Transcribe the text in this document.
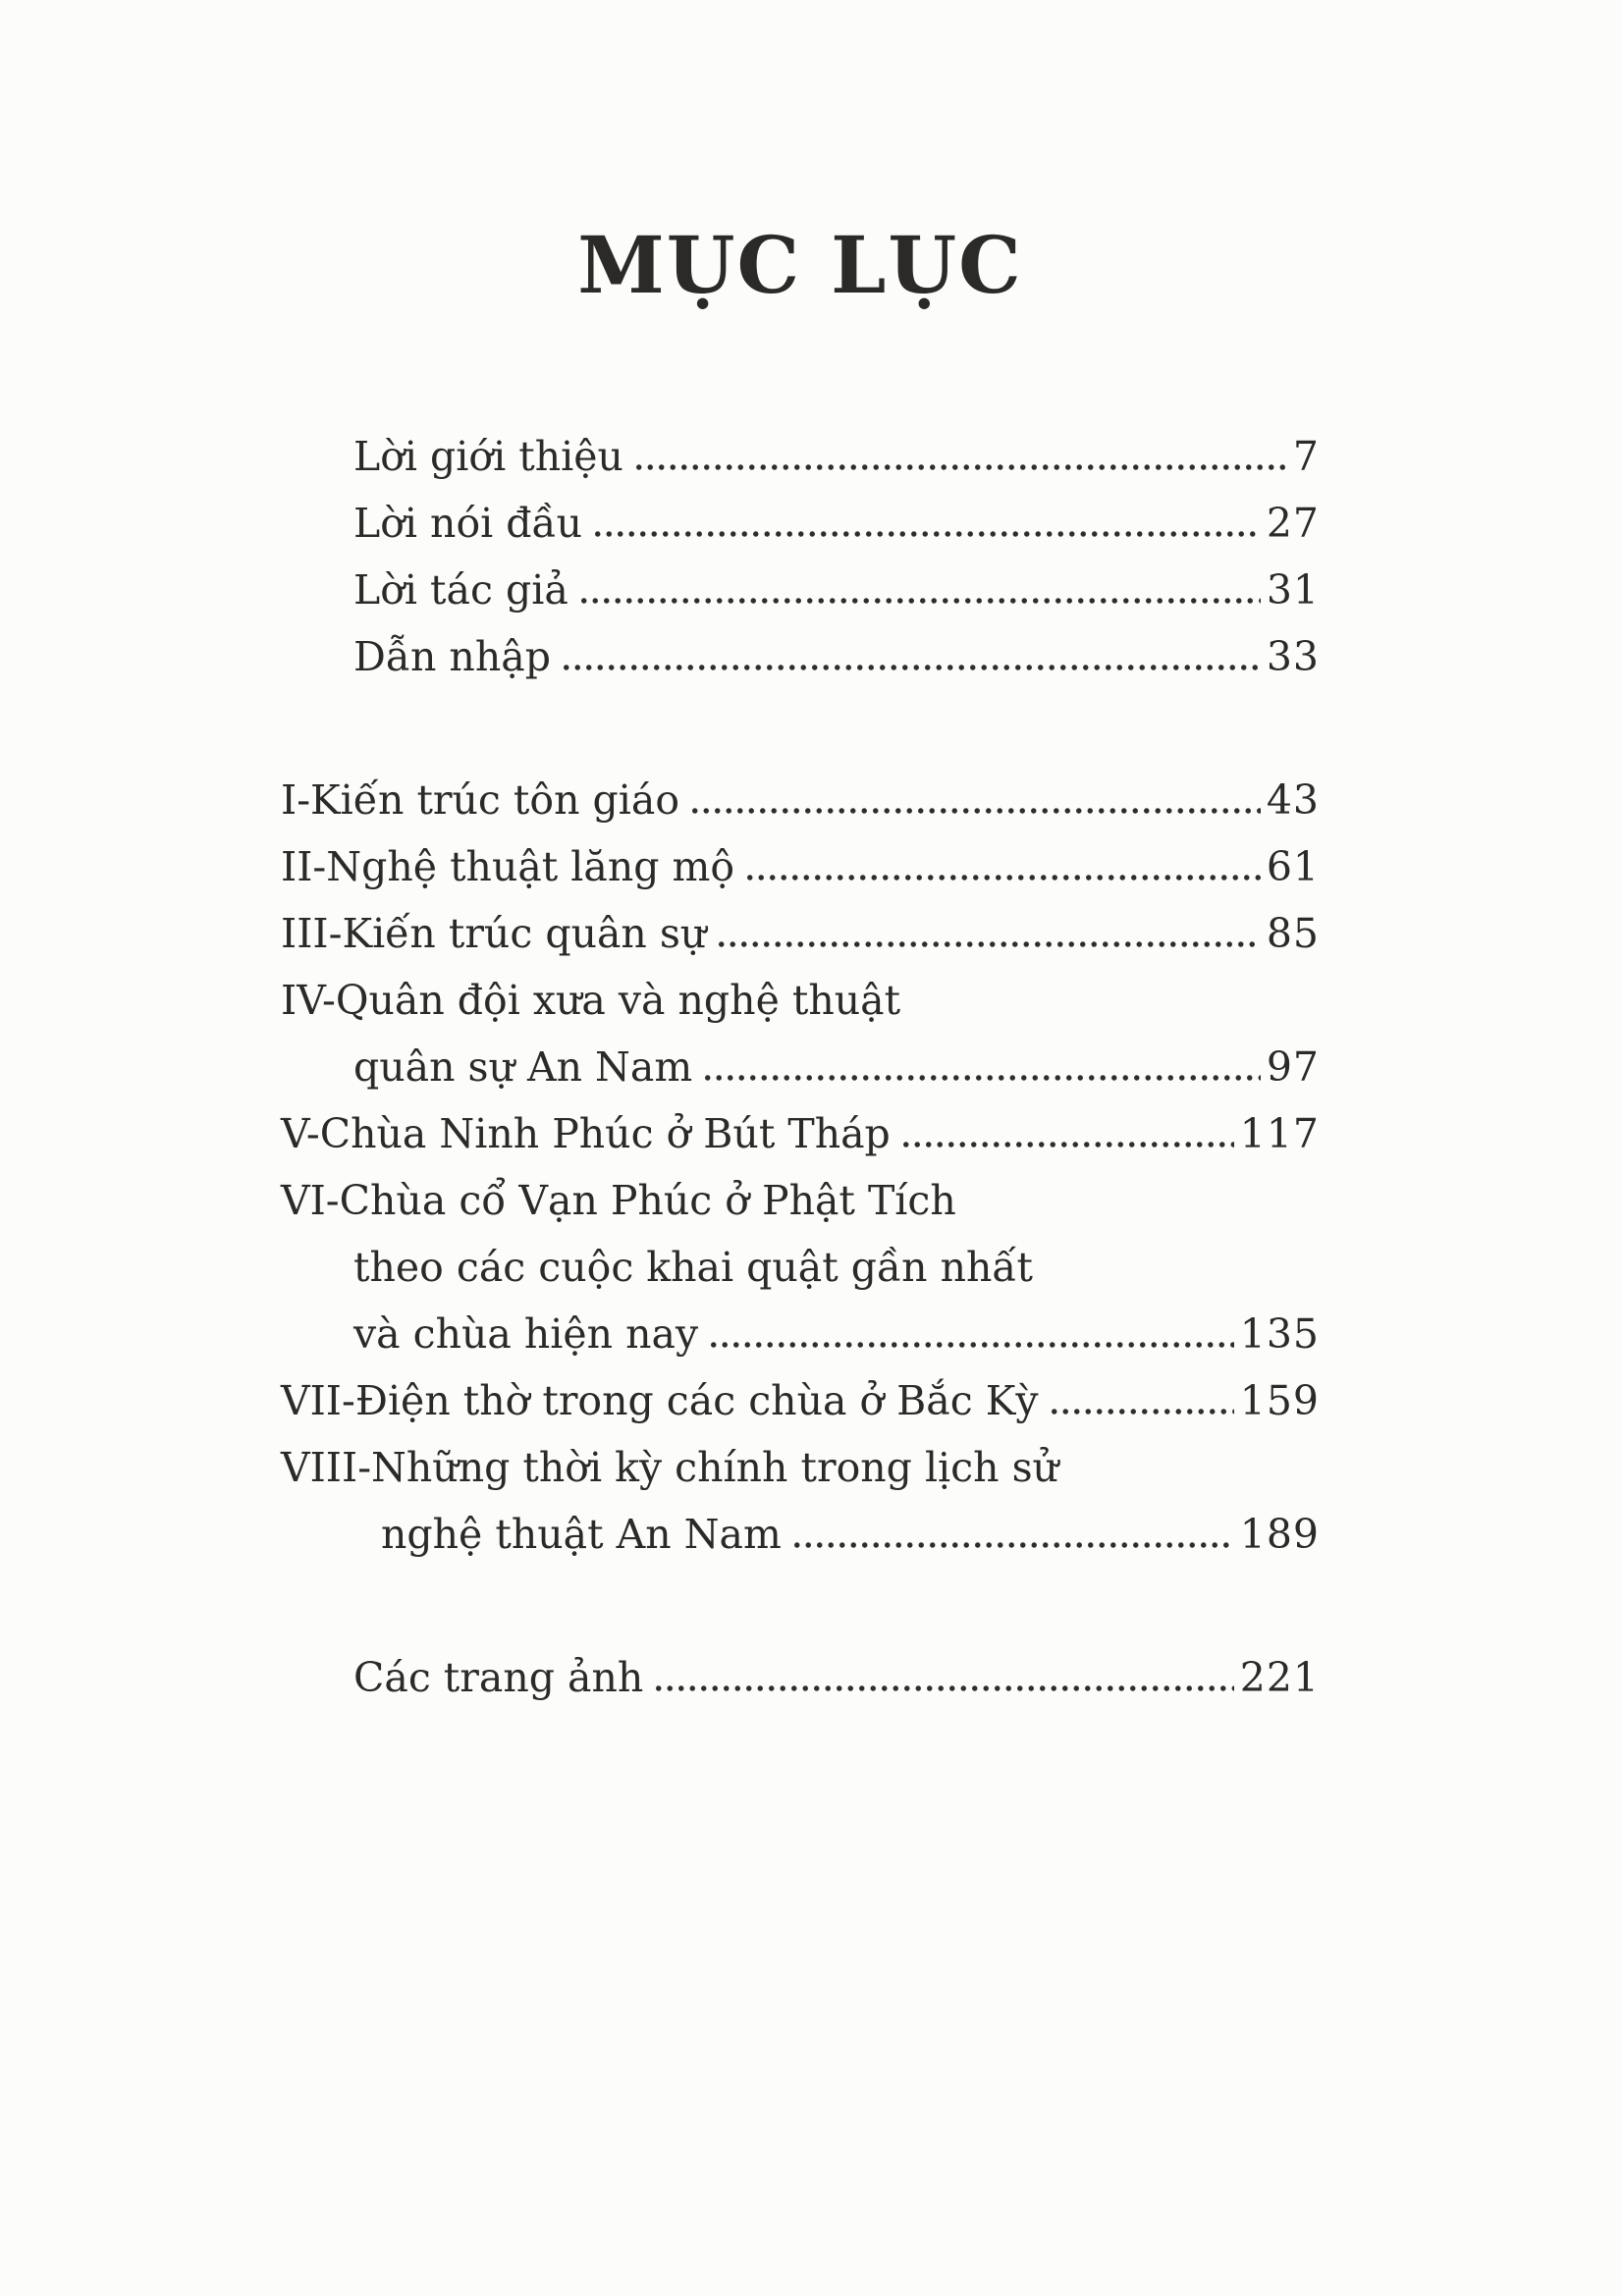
MỤC LỤC
Lời giới thiệu	7
Lời nói đầu	27
Lời tác giả	31
Dẫn nhập	33
I-Kiến trúc tôn giáo	43
II-Nghệ thuật lăng mộ	61
III-Kiến trúc quân sự	85
IV-Quân đội xưa và nghệ thuật
quân sự An Nam	97
V-Chùa Ninh Phúc ở Bút Tháp	117
VI-Chùa cổ Vạn Phúc ở Phật Tích
theo các cuộc khai quật gần nhất
và chùa hiện nay	135
VII-Điện thờ trong các chùa ở Bắc Kỳ	159
VIII-Những thời kỳ chính trong lịch sử
nghệ thuật An Nam	189
Các trang ảnh	221
